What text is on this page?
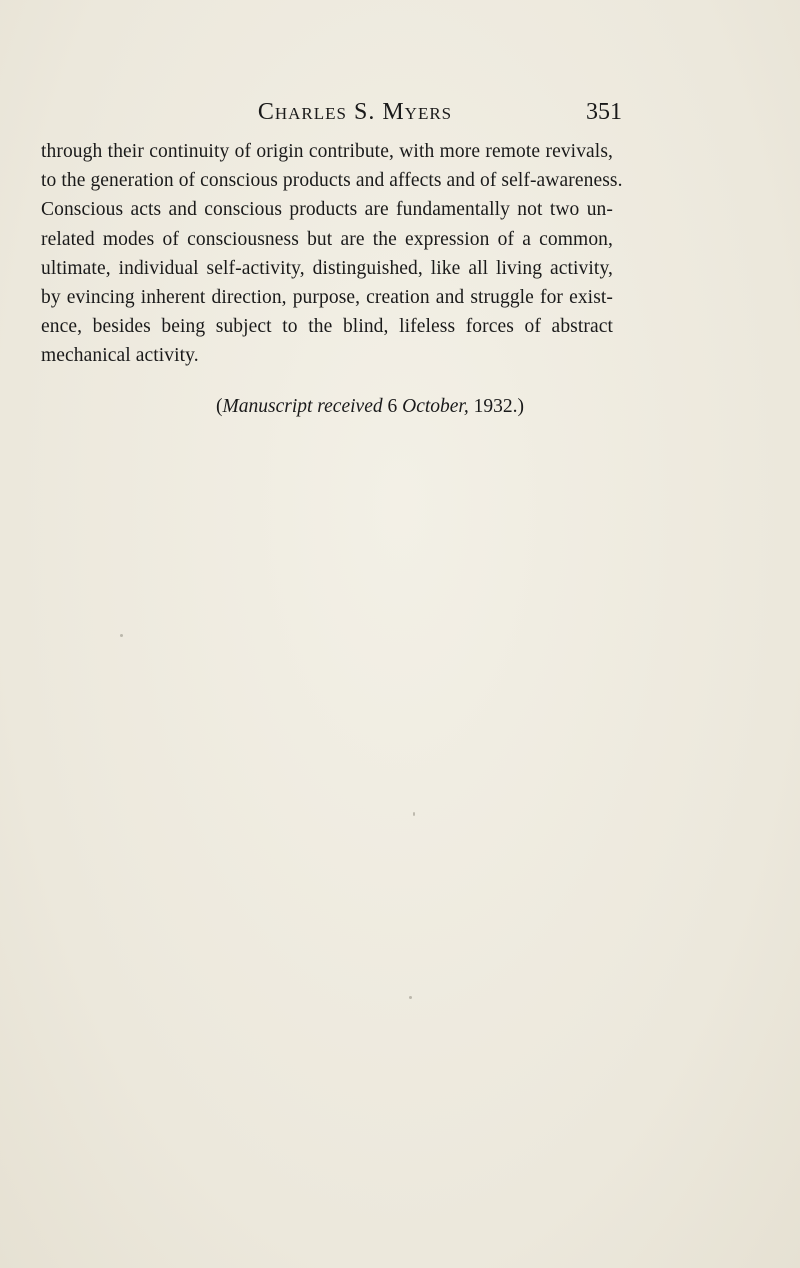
Charles S. Myers	351
through their continuity of origin contribute, with more remote revivals,
to the generation of conscious products and affects and of self-awareness.
Conscious acts and conscious products are fundamentally not two un-
related modes of consciousness but are the expression of a common,
ultimate, individual self-activity, distinguished, like all living activity,
by evincing inherent direction, purpose, creation and struggle for exist-
ence, besides being subject to the blind, lifeless forces of abstract
mechanical activity.
(Manuscript received 6 October, 1932.)
